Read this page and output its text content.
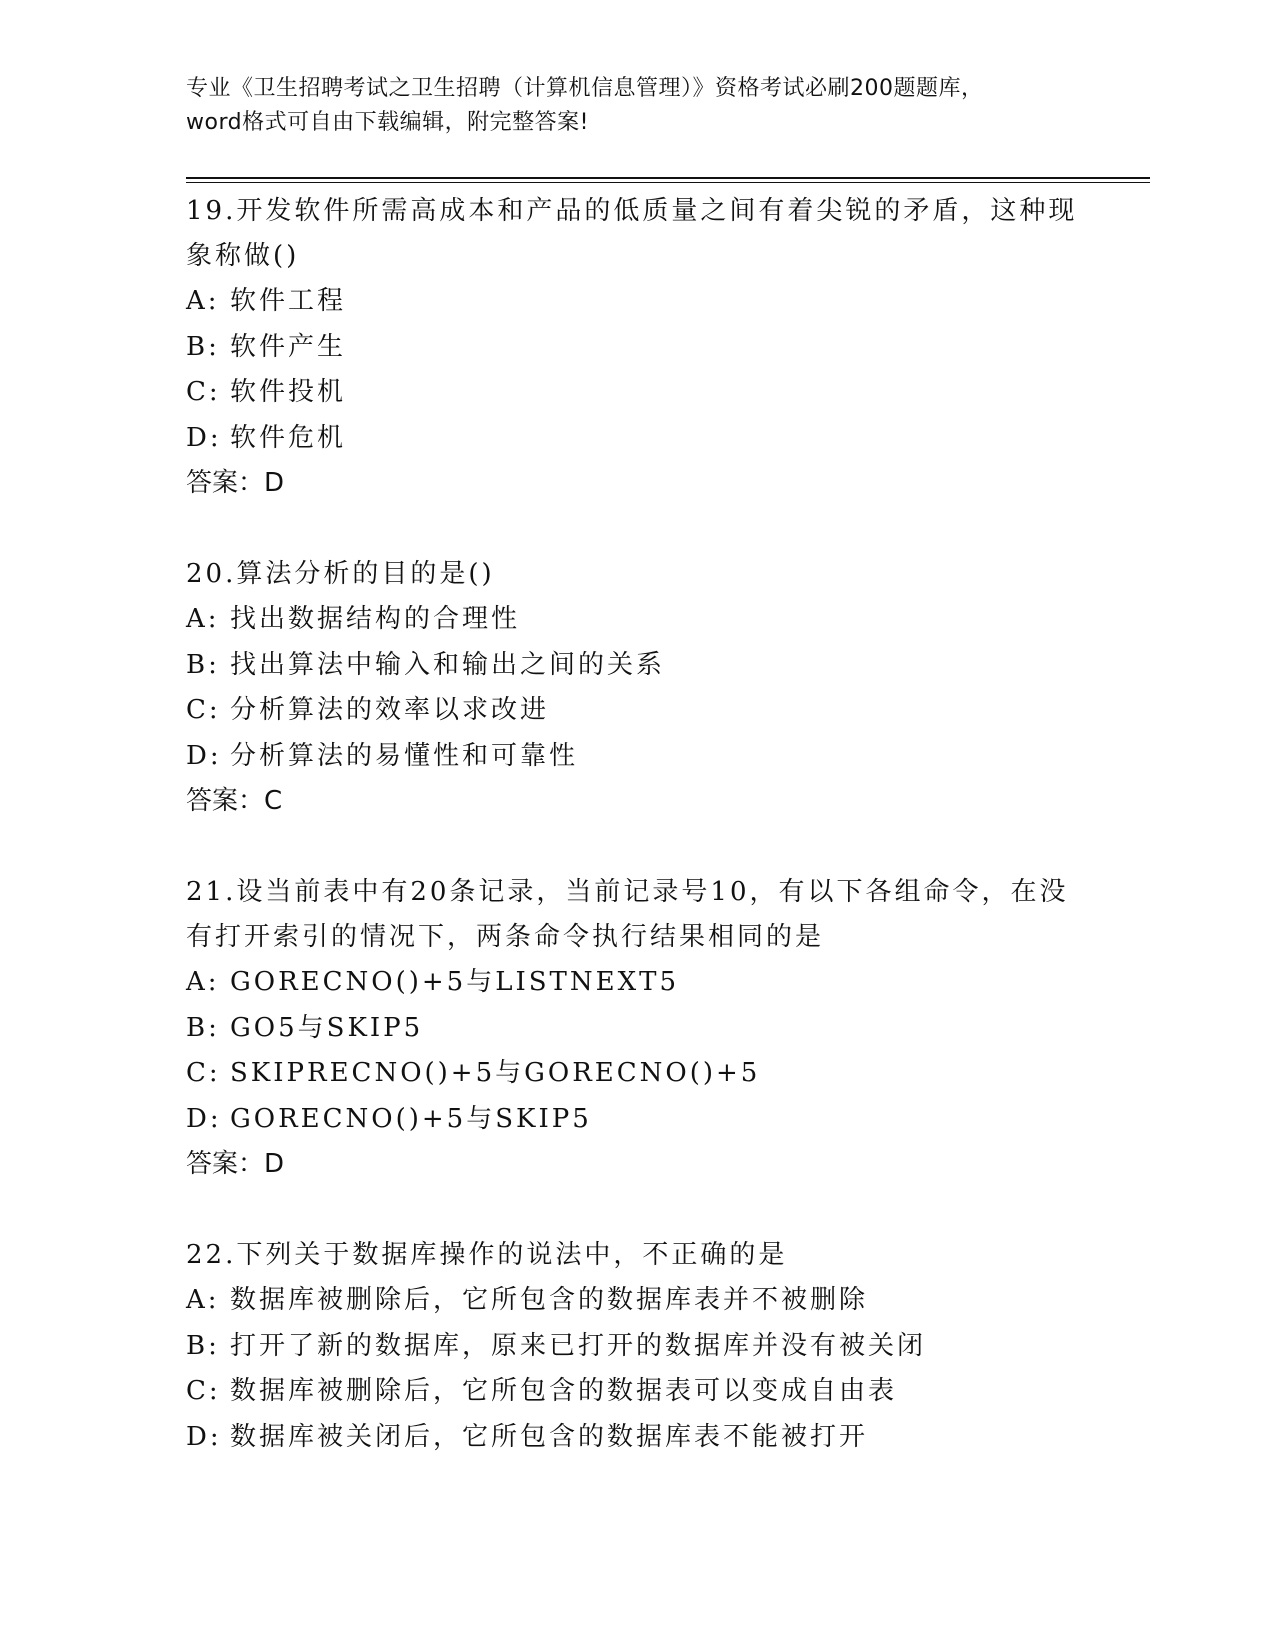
专业《卫生招聘考试之卫生招聘（计算机信息管理）》资格考试必刷200题题库，
word格式可自由下载编辑，附完整答案!
19.开发软件所需高成本和产品的低质量之间有着尖锐的矛盾，这种现象称做()
A: 软件工程
B: 软件产生
C: 软件投机
D: 软件危机
答案：D
20.算法分析的目的是()
A: 找出数据结构的合理性
B: 找出算法中输入和输出之间的关系
C: 分析算法的效率以求改进
D: 分析算法的易懂性和可靠性
答案：C
21.设当前表中有20条记录，当前记录号10，有以下各组命令，在没有打开索引的情况下，两条命令执行结果相同的是
A: GORECNO()+5与LISTNEXT5
B: GO5与SKIP5
C: SKIPRECNO()+5与GORECNO()+5
D: GORECNO()+5与SKIP5
答案：D
22.下列关于数据库操作的说法中，不正确的是
A: 数据库被删除后，它所包含的数据库表并不被删除
B: 打开了新的数据库，原来已打开的数据库并没有被关闭
C: 数据库被删除后，它所包含的数据表可以变成自由表
D: 数据库被关闭后，它所包含的数据库表不能被打开
